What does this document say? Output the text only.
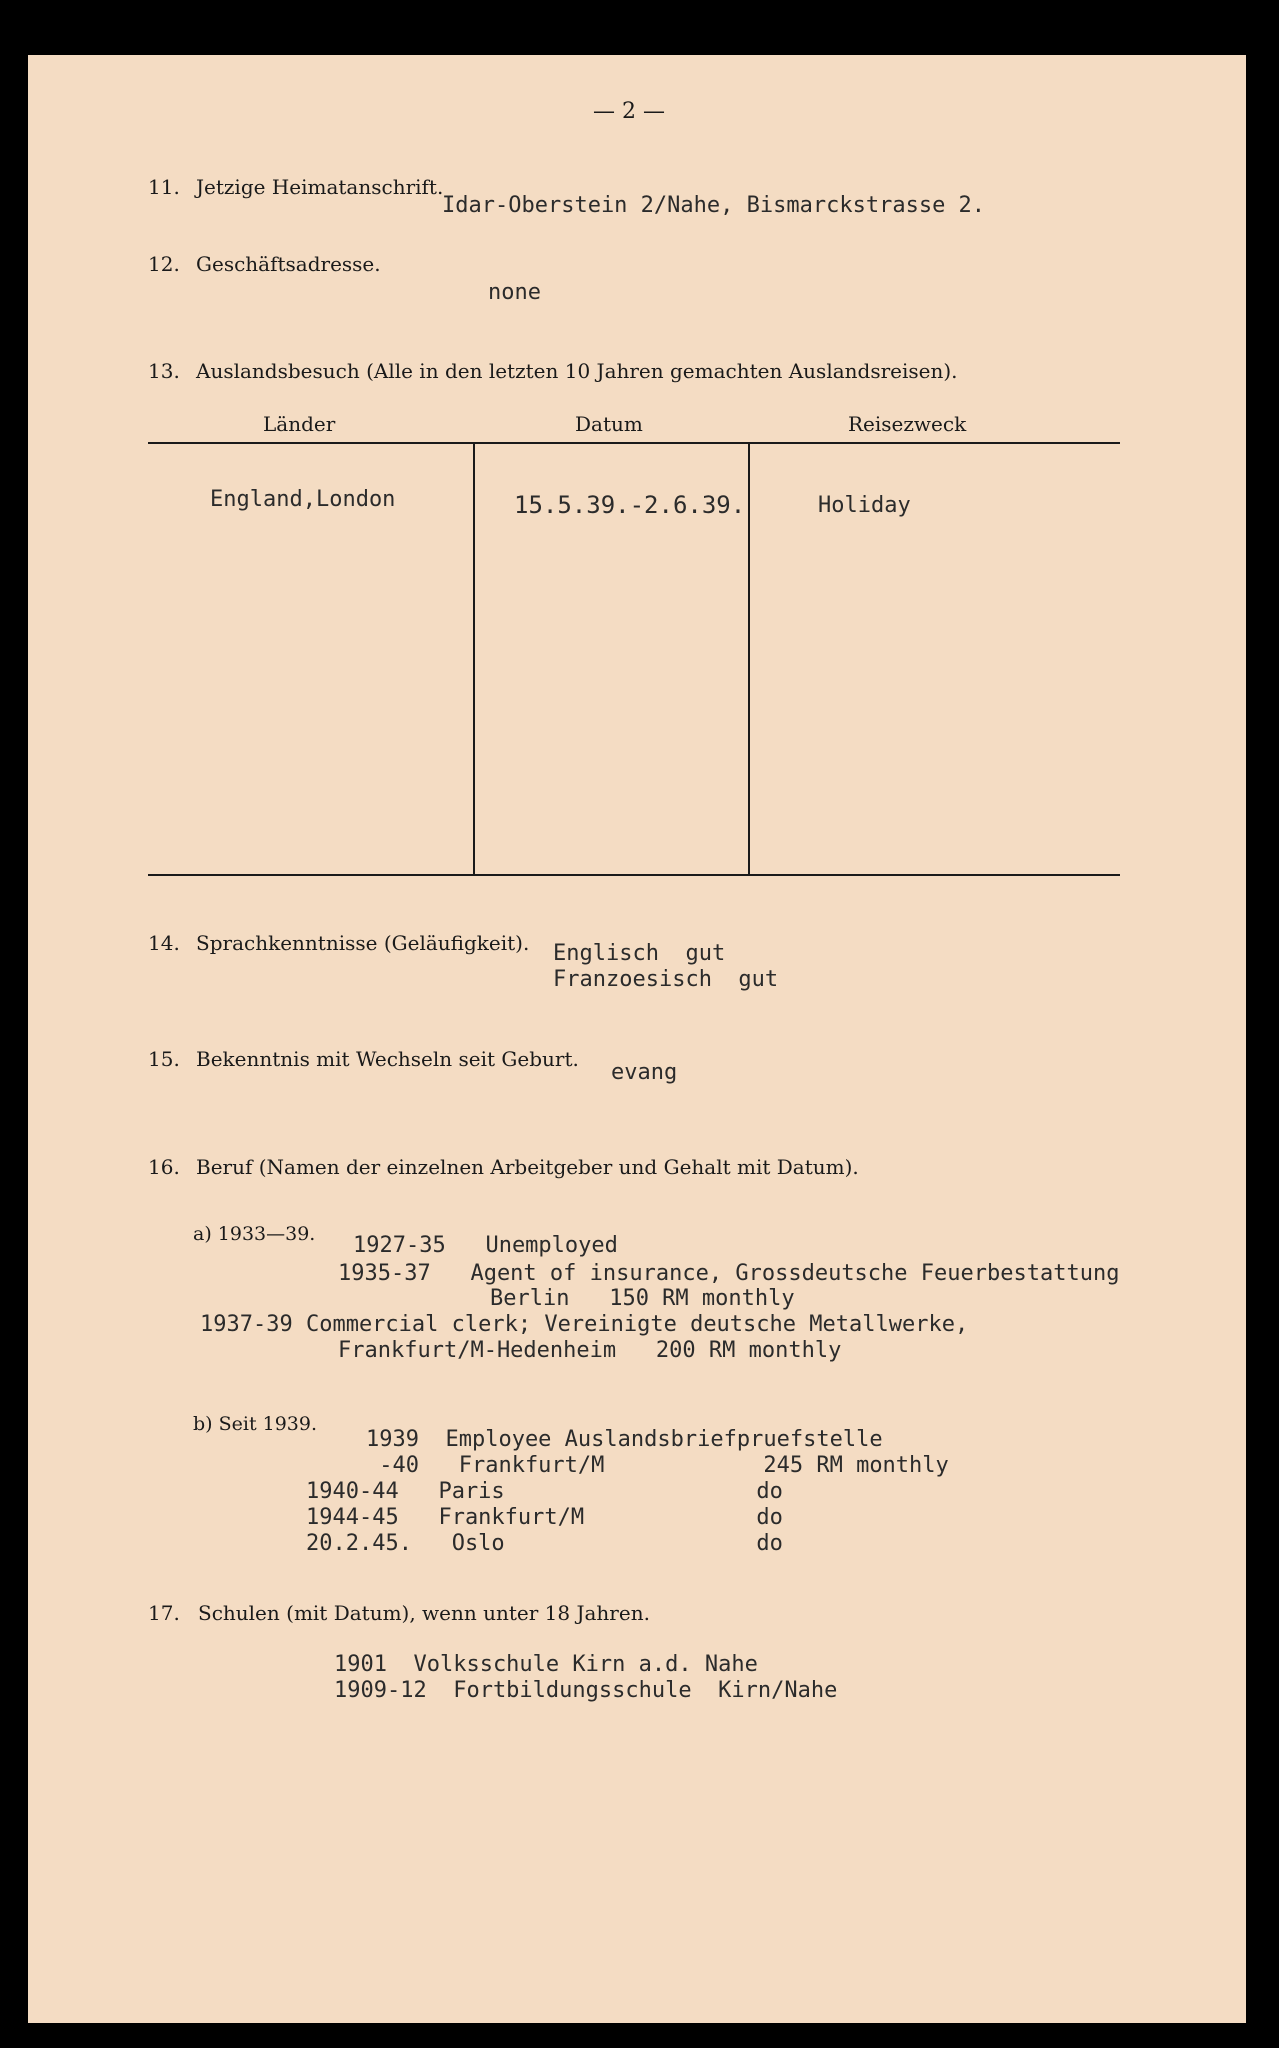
— 2 —
11. Jetzige Heimatanschrift.
Idar-Oberstein 2/Nahe, Bismarckstrasse 2.
12. Geschäftsadresse.
none
13. Auslandsbesuch (Alle in den letzten 10 Jahren gemachten Auslandsreisen).
Länder	Datum	Reisezweck
England,London	15.5.39.-2.6.39.	Holiday
14. Sprachkenntnisse (Geläufigkeit). Englisch  gut
Franzoesisch  gut
15. Bekenntnis mit Wechseln seit Geburt.
evang
16. Beruf (Namen der einzelnen Arbeitgeber und Gehalt mit Datum).
a) 1933—39. 1927-35   Unemployed
1935-37   Agent of insurance, Grossdeutsche Feuerbestattung
Berlin   150 RM monthly
1937-39 Commercial clerk; Vereinigte deutsche Metallwerke,
Frankfurt/M-Hedenheim   200 RM monthly
b) Seit 1939.
1939  Employee Auslandsbriefpruefstelle
-40   Frankfurt/M            245 RM monthly
1940-44   Paris                   do
1944-45   Frankfurt/M             do
20.2.45.   Oslo                   do
17. Schulen (mit Datum), wenn unter 18 Jahren.
1901  Volksschule Kirn a.d. Nahe
1909-12  Fortbildungsschule  Kirn/Nahe
